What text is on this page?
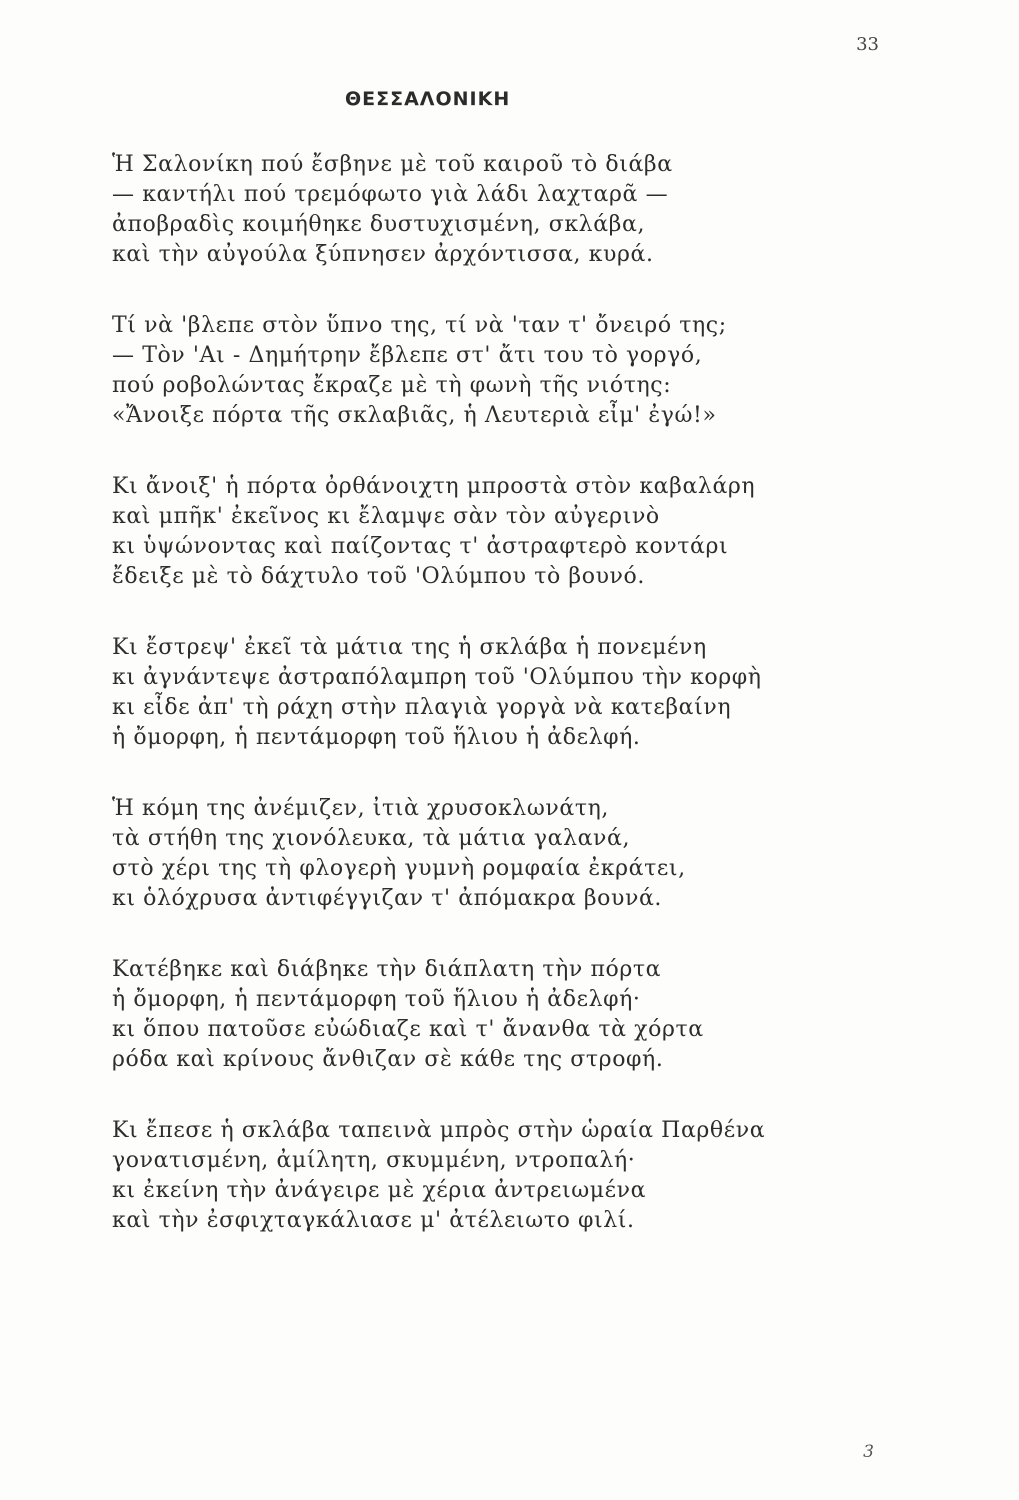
33
ΘΕΣΣΑΛΟΝΙΚΗ
Ἡ Σαλονίκη πού ἔσβηνε μὲ τοῦ καιροῦ τὸ διάβα
— καντήλι πού τρεμόφωτο γιὰ λάδι λαχταρᾶ —
ἀποβραδὶς κοιμήθηκε δυστυχισμένη, σκλάβα,
καὶ τὴν αὐγούλα ξύπνησεν ἀρχόντισσα, κυρά.
Τί νὰ 'βλεπε στὸν ὕπνο της, τί νὰ 'ταν τ' ὄνειρό της;
— Τὸν 'Αι - Δημήτρην ἔβλεπε στ' ἄτι του τὸ γοργό,
πού ροβολώντας ἔκραζε μὲ τὴ φωνὴ τῆς νιότης:
«Ἄνοιξε πόρτα τῆς σκλαβιᾶς, ἡ Λευτεριὰ εἶμ' ἐγώ!»
Κι ἄνοιξ' ἡ πόρτα ὀρθάνοιχτη μπροστὰ στὸν καβαλάρη
καὶ μπῆκ' ἐκεῖνος κι ἔλαμψε σὰν τὸν αὐγερινὸ
κι ὑψώνοντας καὶ παίζοντας τ' ἀστραφτερὸ κοντάρι
ἔδειξε μὲ τὸ δάχτυλο τοῦ 'Ολύμπου τὸ βουνό.
Κι ἔστρεψ' ἐκεῖ τὰ μάτια της ἡ σκλάβα ἡ πονεμένη
κι ἀγνάντεψε ἀστραπόλαμπρη τοῦ 'Ολύμπου τὴν κορφὴ
κι εἶδε ἀπ' τὴ ράχη στὴν πλαγιὰ γοργὰ νὰ κατεβαίνη
ἡ ὄμορφη, ἡ πεντάμορφη τοῦ ἥλιου ἡ ἀδελφή.
Ἡ κόμη της ἀνέμιζεν, ἰτιὰ χρυσοκλωνάτη,
τὰ στήθη της χιονόλευκα, τὰ μάτια γαλανά,
στὸ χέρι της τὴ φλογερὴ γυμνὴ ρομφαία ἐκράτει,
κι ὁλόχρυσα ἀντιφέγγιζαν τ' ἀπόμακρα βουνά.
Κατέβηκε καὶ διάβηκε τὴν διάπλατη τὴν πόρτα
ἡ ὄμορφη, ἡ πεντάμορφη τοῦ ἥλιου ἡ ἀδελφή·
κι ὅπου πατοῦσε εὐώδιαζε καὶ τ' ἄνανθα τὰ χόρτα
ρόδα καὶ κρίνους ἄνθιζαν σὲ κάθε της στροφή.
Κι ἔπεσε ἡ σκλάβα ταπεινὰ μπρὸς στὴν ὡραία Παρθένα
γονατισμένη, ἀμίλητη, σκυμμένη, ντροπαλή·
κι ἐκείνη τὴν ἀνάγειρε μὲ χέρια ἀντρειωμένα
καὶ τὴν ἐσφιχταγκάλιασε μ' ἀτέλειωτο φιλί.
3
